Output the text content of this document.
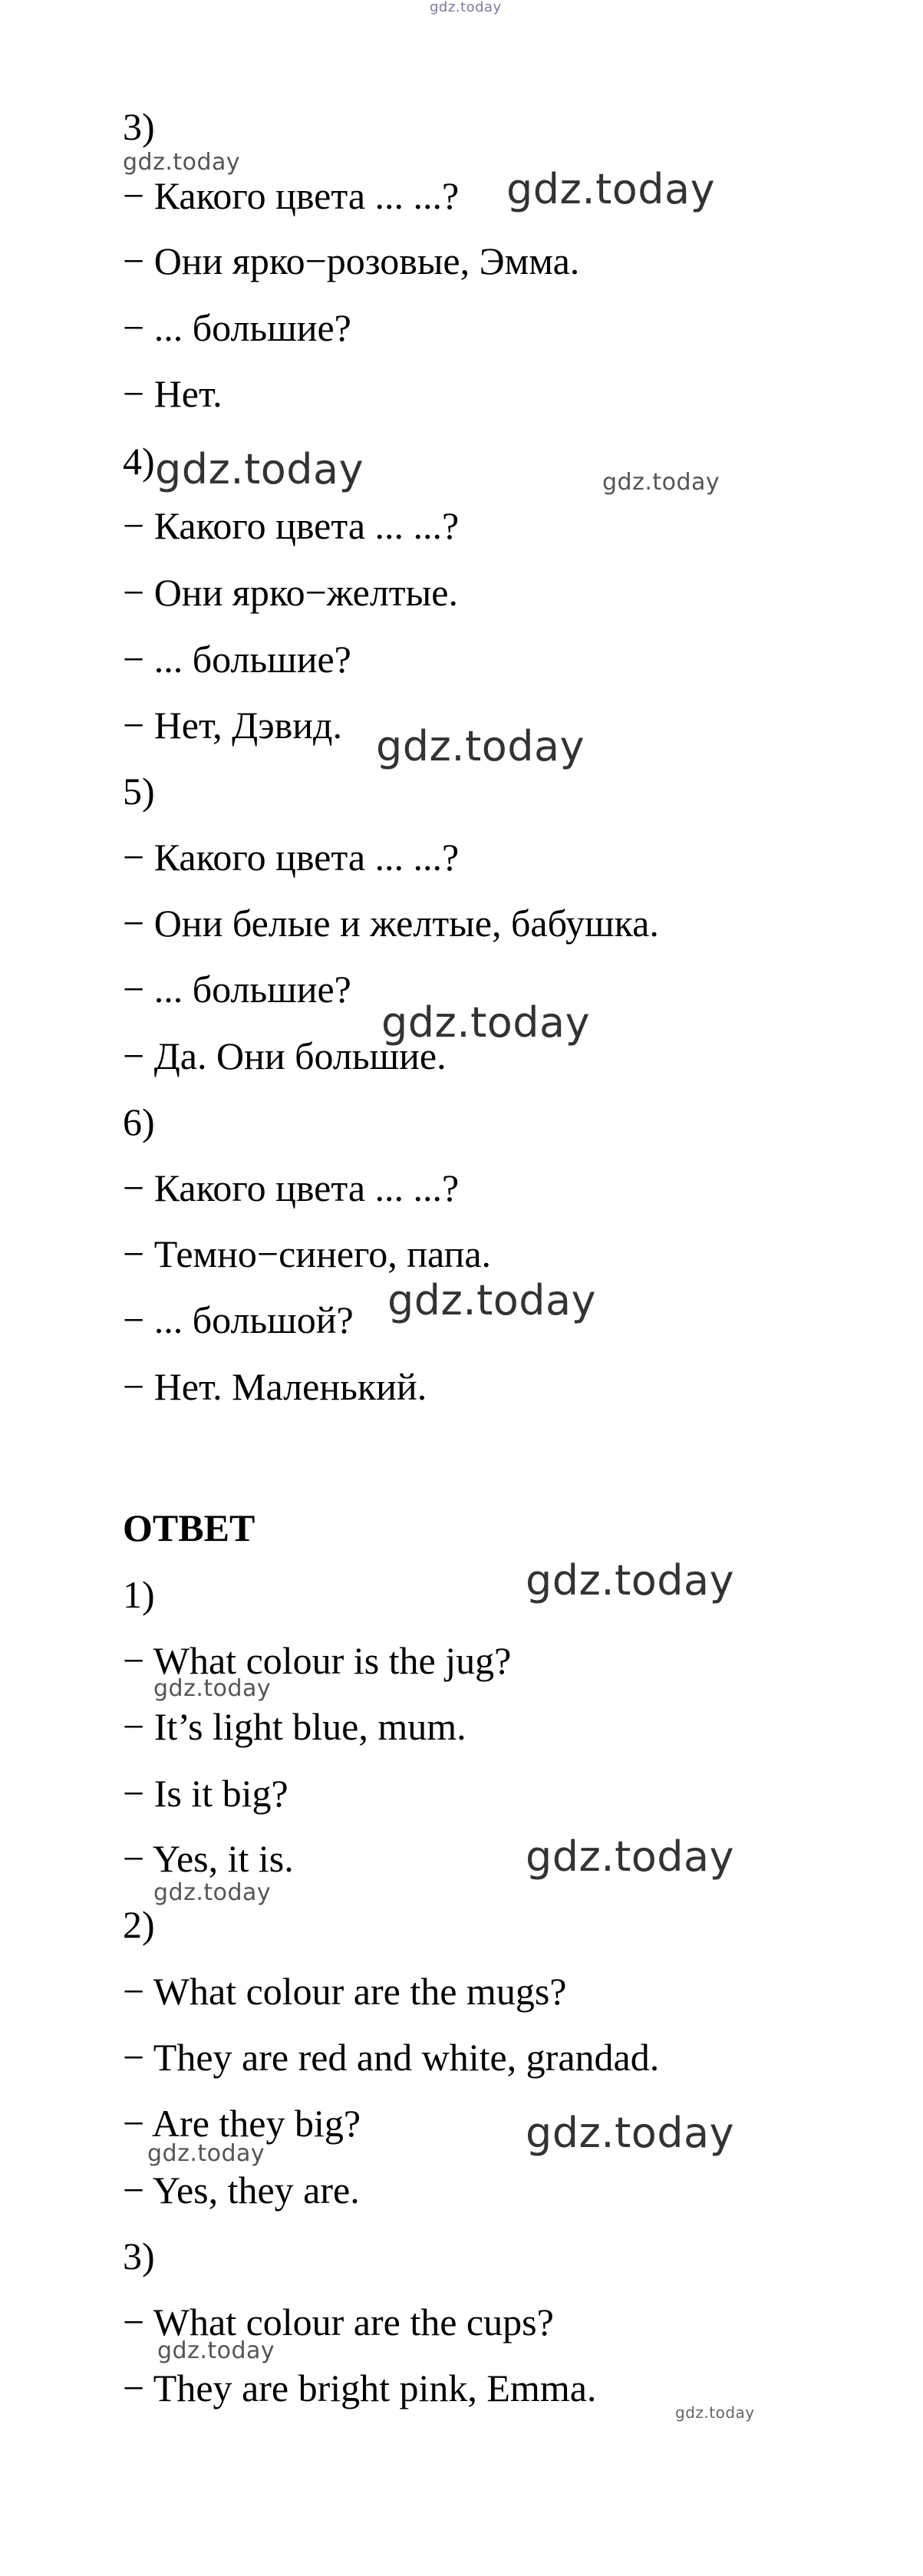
gdz.today
3)
gdz.today
− Какого цвета ... ...? gdz.today
− Они ярко−розовые, Эмма.
− ... большие?
− Нет.
4) gdz.today	gdz.today
− Какого цвета ... ...?
− Они ярко−желтые.
− ... большие?
− Нет, Дэвид. gdz.today
5)
− Какого цвета ... ...?
− Они белые и желтые, бабушка.
− ... большие?
gdz.today
− Да. Они большие.
6)
− Какого цвета ... ...?
− Темно−синего, папа.
− ... большой? gdz.today
− Нет. Маленький.
ОТВЕТ
1)	gdz.today
− What colour is the jug?
gdz.today
− It’s light blue, mum.
− Is it big?
− Yes, it is.	gdz.today
gdz.today
2)
− What colour are the mugs?
− They are red and white, grandad.
− Are they big?	gdz.today
gdz.today
− Yes, they are.
3)
− What colour are the cups?
gdz.today
− They are bright pink, Emma.
gdz.today
